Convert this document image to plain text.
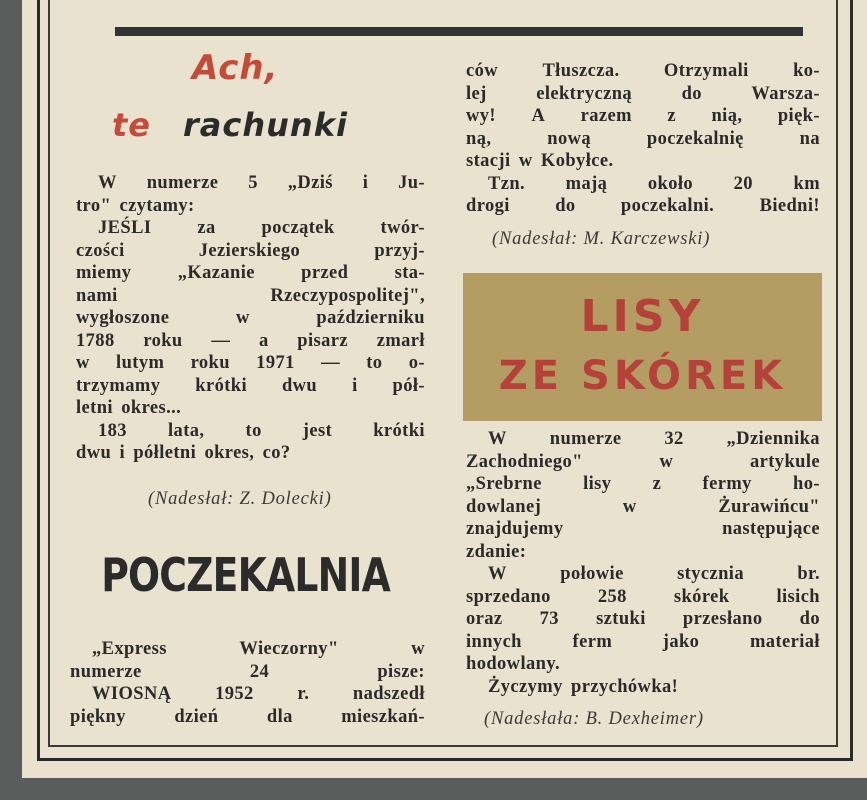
Ach,
te rachunki
W numerze 5 „Dziś i Ju-
tro" czytamy:
JEŚLI za początek twór-
czości	Jezierskiego	przyj-
miemy	„Kazanie	przed	sta-
nami	Rzeczypospolitej",
wygłoszone	w	październiku
1788 roku — a pisarz zmarł
w lutym roku 1971 — to o-
trzymamy krótki dwu i pół-
letni okres...
183 lata, to jest krótki
dwu i półletni okres, co?
(Nadesłał: Z. Dolecki)
POCZEKALNIA
„Express	Wieczorny"	w
numerze	24	pisze:
WIOSNĄ 1952 r. nadszedł
piękny	dzień	dla	mieszkań-
ców Tłuszcza. Otrzymali ko-
lej	elektryczną	do	Warsza-
wy! A razem z nią, pięk-
ną,	nową	poczekalnię	na
stacji w Kobyłce.
Tzn. mają około 20 km
drogi do poczekalni. Biedni!
(Nadesłał: M. Karczewski)
LISY
ZE SKÓREK
W numerze 32 „Dziennika
Zachodniego"	w	artykule
„Srebrne lisy z fermy ho-
dowlanej	w	Żurawińcu"
znajdujemy	następujące
zdanie:
W	połowie	stycznia	br.
sprzedano	258	skórek	lisich
oraz 73 sztuki przesłano do
innych	ferm	jako	materiał
hodowlany.
Życzymy przychówka!
(Nadesłała: B. Dexheimer)
